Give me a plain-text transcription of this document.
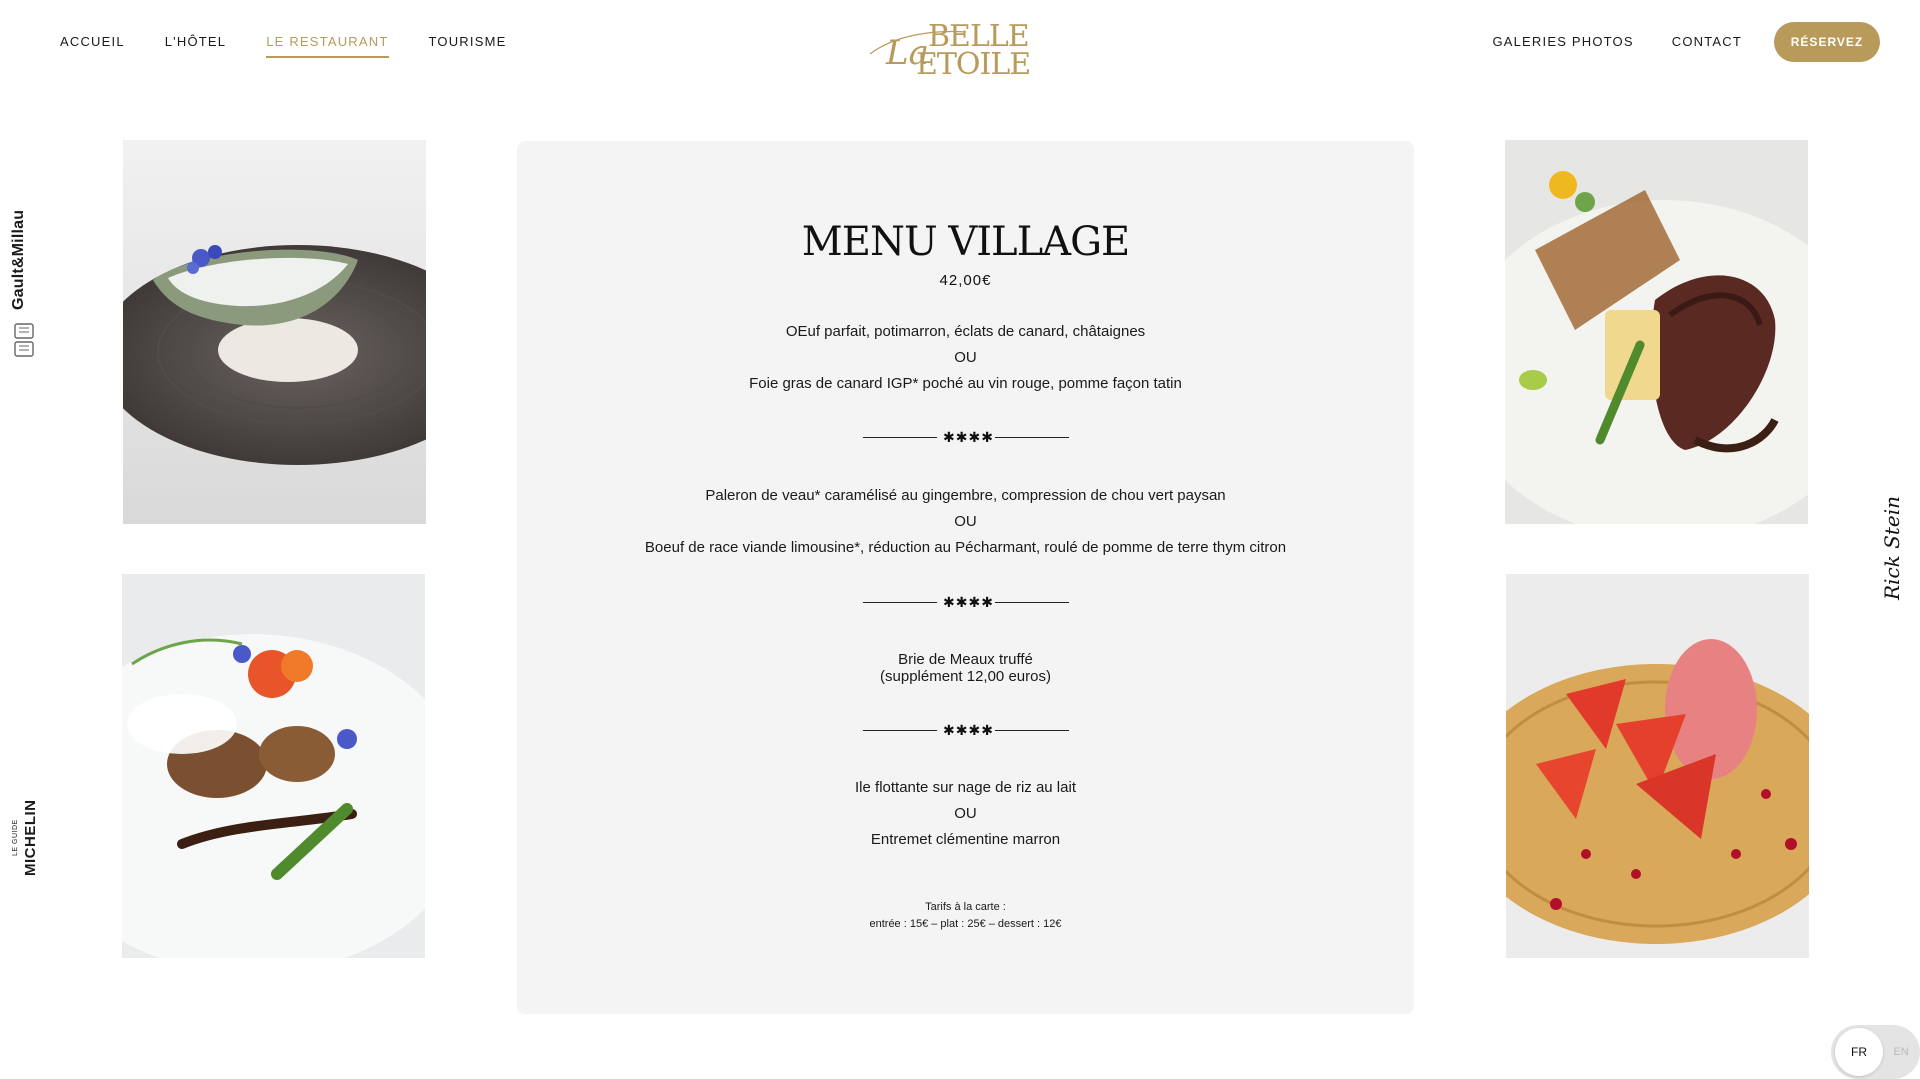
ACCUEIL	L'HÔTEL	LE RESTAURANT	TOURISME	BELLE
ETOILE
La	GALERIES PHOTOS	CONTACT	RÉSERVEZ
Gault&Millau
LE GUIDE MICHELIN
Rick Stein
MENU VILLAGE
42,00€
OEuf parfait, potimarron, éclats de canard, châtaignes
OU
Foie gras de canard IGP* poché au vin rouge, pomme façon tatin
✱✱✱✱
Paleron de veau* caramélisé au gingembre, compression de chou vert paysan
OU
Boeuf de race viande limousine*, réduction au Pécharmant, roulé de pomme de terre thym citron
✱✱✱✱
Brie de Meaux truffé
(supplément 12,00 euros)
✱✱✱✱
Ile flottante sur nage de riz au lait
OU
Entremet clémentine marron
Tarifs à la carte :
entrée : 15€ – plat : 25€ – dessert : 12€
FR	EN
